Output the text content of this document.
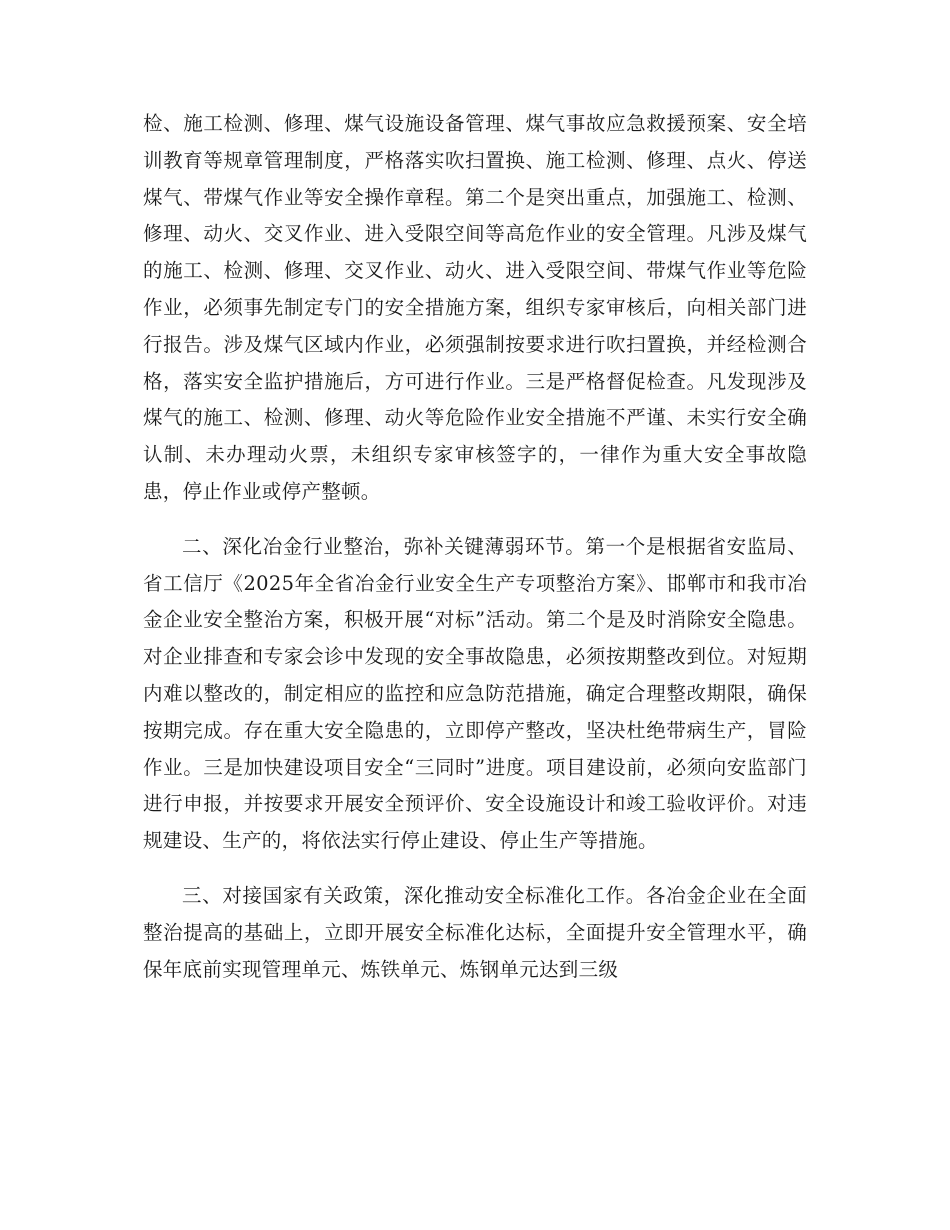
检、施工检测、修理、煤气设施设备管理、煤气事故应急救援预案、安全培训教育等规章管理制度，严格落实吹扫置换、施工检测、修理、点火、停送煤气、带煤气作业等安全操作章程。第二个是突出重点，加强施工、检测、修理、动火、交叉作业、进入受限空间等高危作业的安全管理。凡涉及煤气的施工、检测、修理、交叉作业、动火、进入受限空间、带煤气作业等危险作业，必须事先制定专门的安全措施方案，组织专家审核后，向相关部门进行报告。涉及煤气区域内作业，必须强制按要求进行吹扫置换，并经检测合格，落实安全监护措施后，方可进行作业。三是严格督促检查。凡发现涉及煤气的施工、检测、修理、动火等危险作业安全措施不严谨、未实行安全确认制、未办理动火票，未组织专家审核签字的，一律作为重大安全事故隐患，停止作业或停产整顿。

二、深化冶金行业整治，弥补关键薄弱环节。第一个是根据省安监局、省工信厅《2025年全省冶金行业安全生产专项整治方案》、邯郸市和我市冶金企业安全整治方案，积极开展“对标”活动。第二个是及时消除安全隐患。对企业排查和专家会诊中发现的安全事故隐患，必须按期整改到位。对短期内难以整改的，制定相应的监控和应急防范措施，确定合理整改期限，确保按期完成。存在重大安全隐患的，立即停产整改，坚决杜绝带病生产，冒险作业。三是加快建设项目安全“三同时”进度。项目建设前，必须向安监部门进行申报，并按要求开展安全预评价、安全设施设计和竣工验收评价。对违规建设、生产的，将依法实行停止建设、停止生产等措施。

三、对接国家有关政策，深化推动安全标准化工作。各冶金企业在全面整治提高的基础上，立即开展安全标准化达标，全面提升安全管理水平，确保年底前实现管理单元、炼铁单元、炼钢单元达到三级
